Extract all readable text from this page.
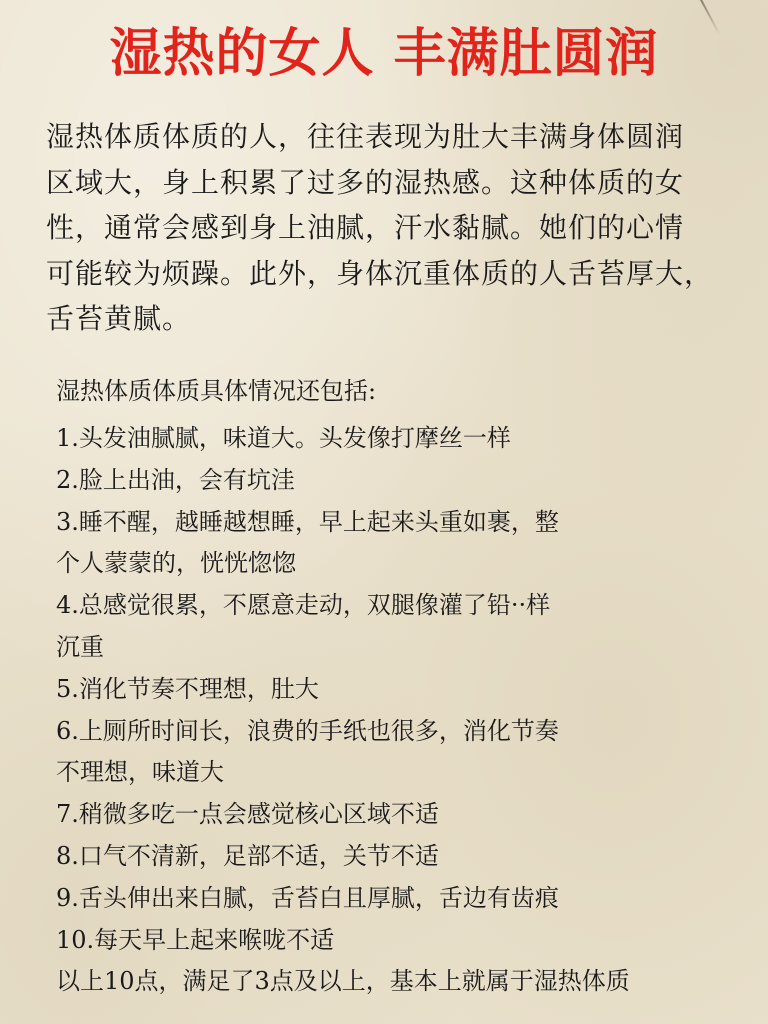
湿热的女人 丰满肚圆润
湿热体质体质的人，往往表现为肚大丰满身体圆润
区域大，身上积累了过多的湿热感。这种体质的女
性，通常会感到身上油腻，汗水黏腻。她们的心情
可能较为烦躁。此外，身体沉重体质的人舌苔厚大，
舌苔黄腻。
湿热体质体质具体情况还包括:
1.头发油腻腻，味道大。头发像打摩丝一样
2.脸上出油，会有坑洼
3.睡不醒，越睡越想睡，早上起来头重如裹，整
个人蒙蒙的，恍恍惚惚
4.总感觉很累，不愿意走动，双腿像灌了铅··样
沉重
5.消化节奏不理想，肚大
6.上厕所时间长，浪费的手纸也很多，消化节奏
不理想，味道大
7.稍微多吃一点会感觉核心区域不适
8.口气不清新，足部不适，关节不适
9.舌头伸出来白腻，舌苔白且厚腻，舌边有齿痕
10.每天早上起来喉咙不适
以上10点，满足了3点及以上，基本上就属于湿热体质
